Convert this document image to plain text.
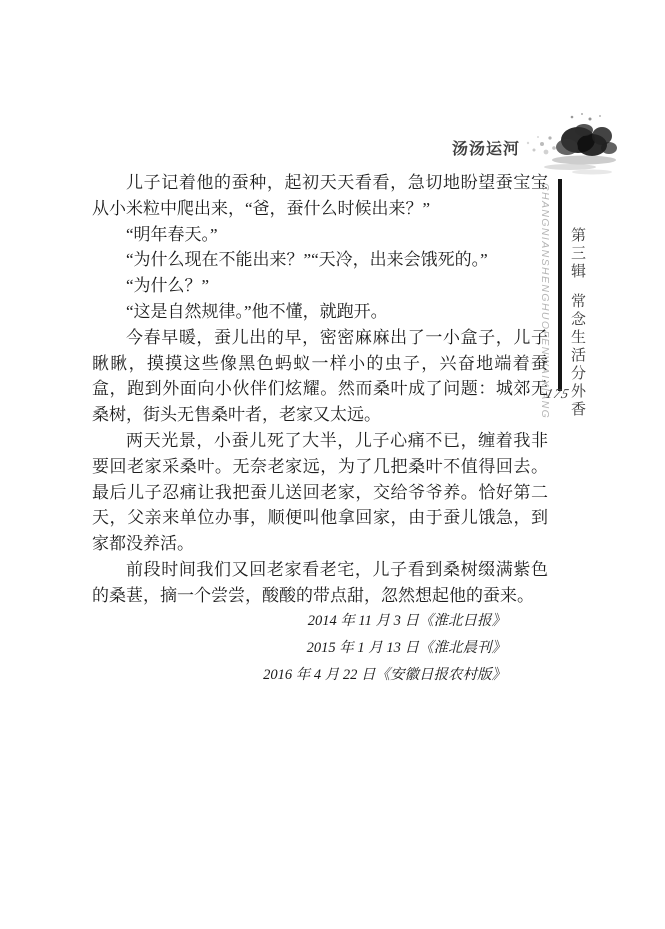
汤汤运河
CHANGNIANSHENGHUOFENWAIXIANG 第三辑
常念生活分外香
175

儿子记着他的蚕种，起初天天看看，急切地盼望蚕宝宝从小米粒中爬出来，“爸，蚕什么时候出来？”

“明年春天。”

“为什么现在不能出来？”“天冷，出来会饿死的。”

“为什么？”

“这是自然规律。”他不懂，就跑开。

今春早暖，蚕儿出的早，密密麻麻出了一小盒子，儿子瞅瞅，摸摸这些像黑色蚂蚁一样小的虫子，兴奋地端着蚕盒，跑到外面向小伙伴们炫耀。然而桑叶成了问题：城郊无桑树，街头无售桑叶者，老家又太远。

两天光景，小蚕儿死了大半，儿子心痛不已，缠着我非要回老家采桑叶。无奈老家远，为了几把桑叶不值得回去。最后儿子忍痛让我把蚕儿送回老家，交给爷爷养。恰好第二天，父亲来单位办事，顺便叫他拿回家，由于蚕儿饿急，到家都没养活。

前段时间我们又回老家看老宅，儿子看到桑树缀满紫色的桑葚，摘一个尝尝，酸酸的带点甜，忽然想起他的蚕来。

2014 年 11 月 3 日《淮北日报》
2015 年 1 月 13 日《淮北晨刊》
2016 年 4 月 22 日《安徽日报农村版》
